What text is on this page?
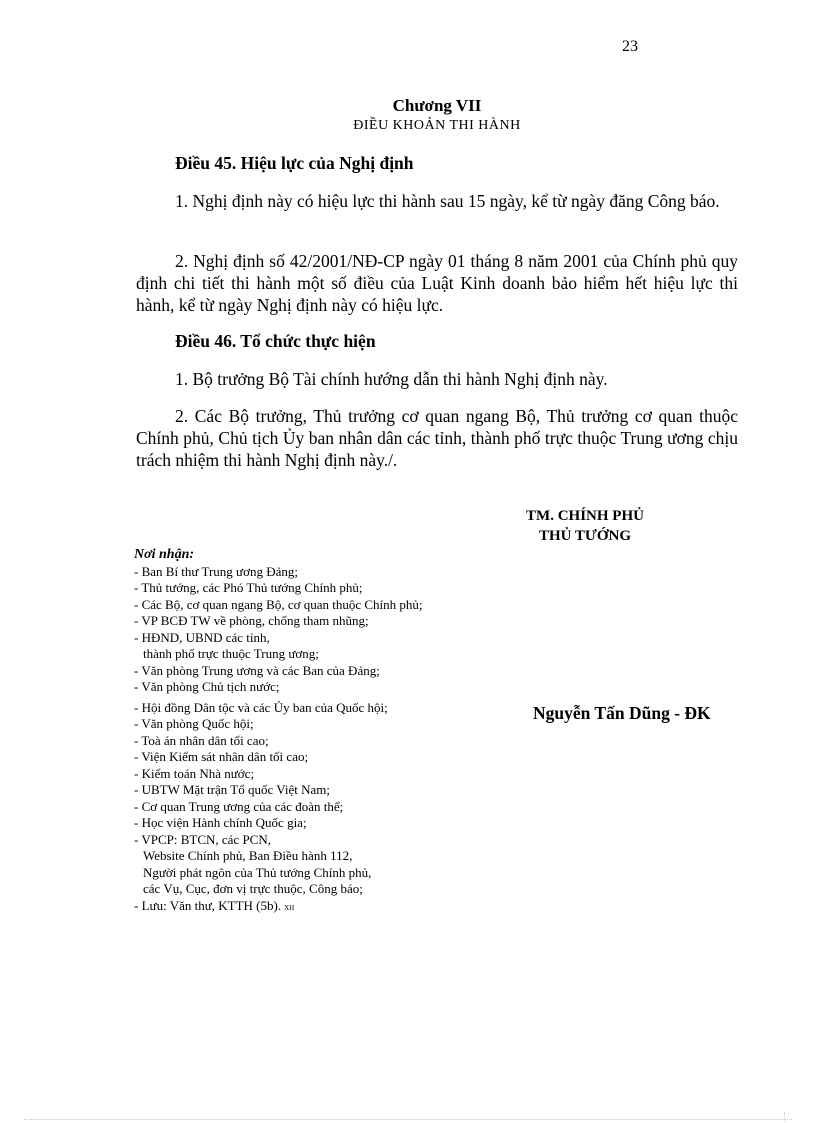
23
Chương VII
ĐIỀU KHOẢN THI HÀNH
Điều 45. Hiệu lực của Nghị định
1. Nghị định này có hiệu lực thi hành sau 15 ngày, kể từ ngày đăng Công báo.
2. Nghị định số 42/2001/NĐ-CP ngày 01 tháng 8 năm 2001 của Chính phủ quy định chi tiết thi hành một số điều của Luật Kinh doanh bảo hiểm hết hiệu lực thi hành, kể từ ngày Nghị định này có hiệu lực.
Điều 46. Tổ chức thực hiện
1. Bộ trưởng Bộ Tài chính hướng dẫn thi hành Nghị định này.
2. Các Bộ trưởng, Thủ trưởng cơ quan ngang Bộ, Thủ trưởng cơ quan thuộc Chính phủ, Chủ tịch Ủy ban nhân dân các tỉnh, thành phố trực thuộc Trung ương chịu trách nhiệm thi hành Nghị định này./.
TM. CHÍNH PHỦ
THỦ TƯỚNG
Nguyễn Tấn Dũng - ĐK
Nơi nhận:
- Ban Bí thư Trung ương Đảng;
- Thủ tướng, các Phó Thủ tướng Chính phủ;
- Các Bộ, cơ quan ngang Bộ, cơ quan thuộc Chính phủ;
- VP BCĐ TW về phòng, chống tham nhũng;
- HĐND, UBND các tỉnh,
thành phố trực thuộc Trung ương;
- Văn phòng Trung ương và các Ban của Đảng;
- Văn phòng Chủ tịch nước;
- Hội đồng Dân tộc và các Ủy ban của Quốc hội;
- Văn phòng Quốc hội;
- Toà án nhân dân tối cao;
- Viện Kiểm sát nhân dân tối cao;
- Kiểm toán Nhà nước;
- UBTW Mặt trận Tổ quốc Việt Nam;
- Cơ quan Trung ương của các đoàn thể;
- Học viện Hành chính Quốc gia;
- VPCP: BTCN, các PCN,
Website Chính phủ, Ban Điều hành 112,
Người phát ngôn của Thủ tướng Chính phủ,
các Vụ, Cục, đơn vị trực thuộc, Công báo;
- Lưu: Văn thư, KTTH (5b). XH
